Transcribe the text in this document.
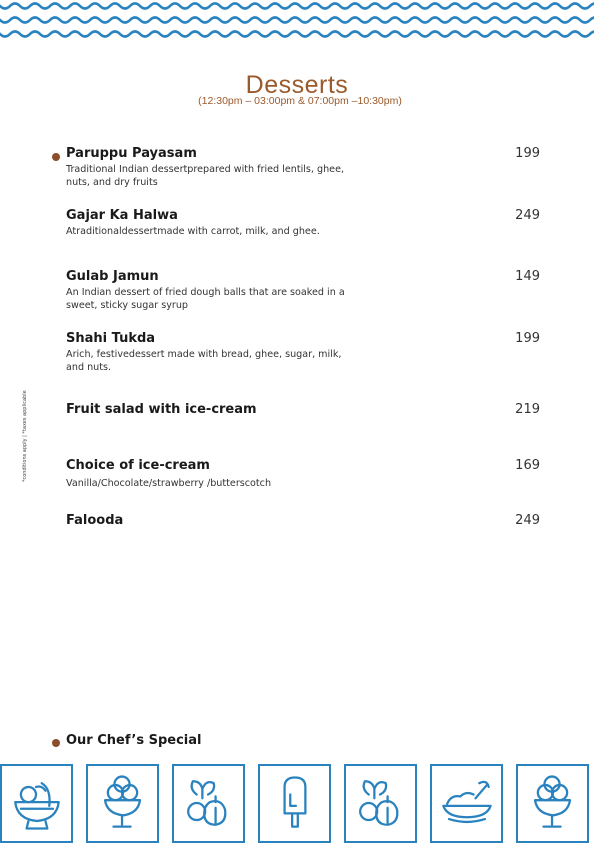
Desserts
(12:30pm – 03:00pm & 07:00pm –10:30pm)
*conditions apply | *taxes applicable
Paruppu Payasam
Traditional Indian dessertprepared with fried lentils, ghee, nuts, and dry fruits
199
Gajar Ka Halwa
Atraditionaldessertmade with carrot, milk, and ghee.
249
Gulab Jamun
An Indian dessert of fried dough balls that are soaked in a sweet, sticky sugar syrup
149
Shahi Tukda
Arich, festivedessert made with bread, ghee, sugar, milk, and nuts.
199
Fruit salad with ice-cream	219
Choice of ice-cream
Vanilla/Chocolate/strawberry /butterscotch
169
Falooda	249
Our Chef’s Special
